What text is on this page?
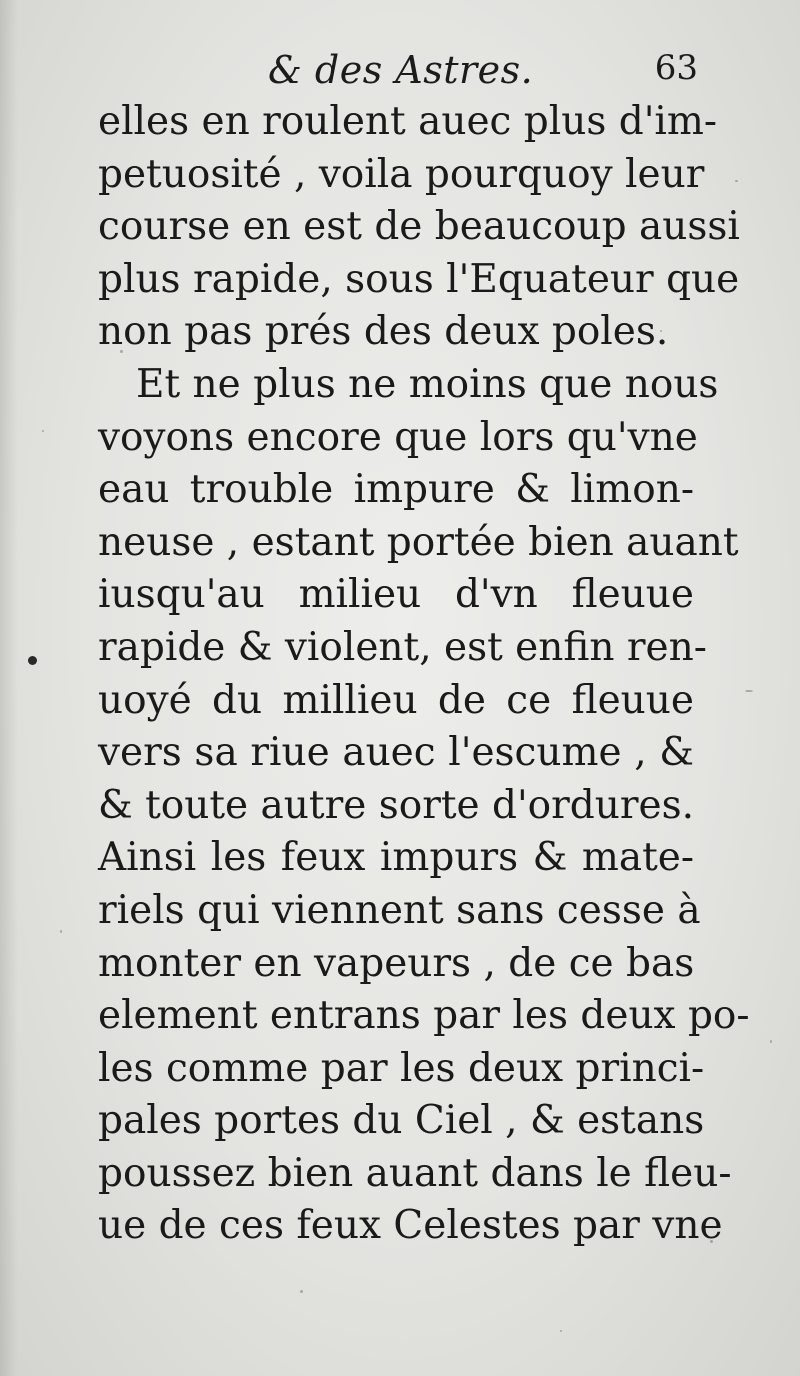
& des Astres.	63
elles en roulent auec plus d'im-
petuosité , voila pourquoy leur
course en est de beaucoup aussi
plus rapide, sous l'Equateur que
non pas prés des deux poles.
Et ne plus ne moins que nous
voyons encore que lors qu'vne
eau trouble impure & limon-
neuse , estant portée bien auant
iusqu'au milieu d'vn fleuue
rapide & violent, est enfin ren-
uoyé du millieu de ce fleuue
vers sa riue auec l'escume , &
& toute autre sorte d'ordures.
Ainsi les feux impurs & mate-
riels qui viennent sans cesse à
monter en vapeurs , de ce bas
element entrans par les deux po-
les comme par les deux princi-
pales portes du Ciel , & estans
poussez bien auant dans le fleu-
ue de ces feux Celestes par vne
